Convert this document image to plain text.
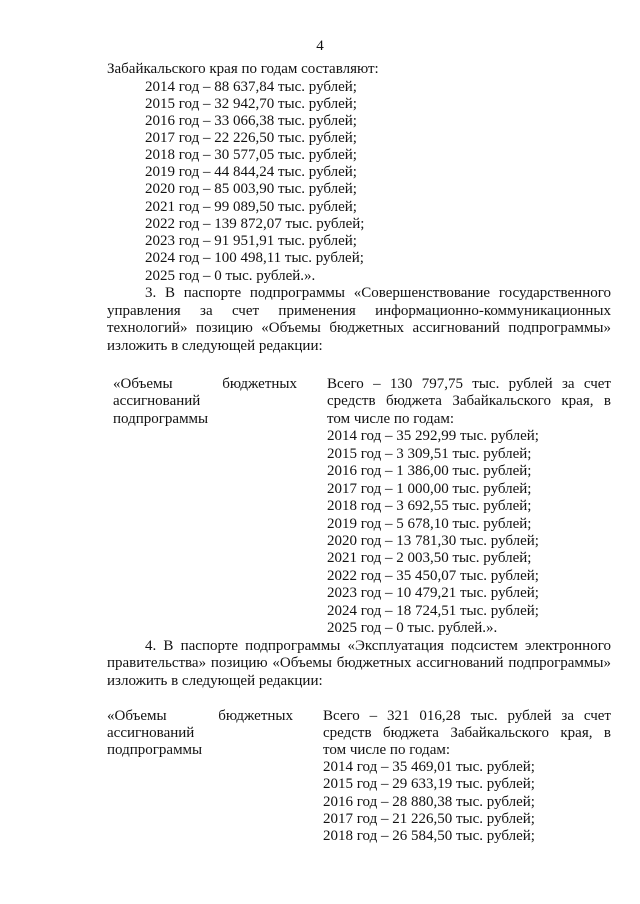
4
Забайкальского края по годам составляют:
2014 год – 88 637,84 тыс. рублей;
2015 год – 32 942,70 тыс. рублей;
2016 год – 33 066,38 тыс. рублей;
2017 год – 22 226,50 тыс. рублей;
2018 год – 30 577,05 тыс. рублей;
2019 год – 44 844,24 тыс. рублей;
2020 год – 85 003,90 тыс. рублей;
2021 год – 99 089,50 тыс. рублей;
2022 год – 139 872,07 тыс. рублей;
2023 год – 91 951,91 тыс. рублей;
2024 год – 100 498,11 тыс. рублей;
2025 год – 0 тыс. рублей.».
3. В паспорте подпрограммы «Совершенствование государственного
управления за счет применения информационно-коммуникационных
технологий» позицию «Объемы бюджетных ассигнований подпрограммы»
изложить в следующей редакции:
«Объемы бюджетных
ассигнований
подпрограммы
Всего – 130 797,75 тыс. рублей за счет
средств бюджета Забайкальского края, в
том числе по годам:
2014 год – 35 292,99 тыс. рублей;
2015 год – 3 309,51 тыс. рублей;
2016 год – 1 386,00 тыс. рублей;
2017 год – 1 000,00 тыс. рублей;
2018 год – 3 692,55 тыс. рублей;
2019 год – 5 678,10 тыс. рублей;
2020 год – 13 781,30 тыс. рублей;
2021 год – 2 003,50 тыс. рублей;
2022 год – 35 450,07 тыс. рублей;
2023 год – 10 479,21 тыс. рублей;
2024 год – 18 724,51 тыс. рублей;
2025 год – 0 тыс. рублей.».
4. В паспорте подпрограммы «Эксплуатация подсистем электронного
правительства» позицию «Объемы бюджетных ассигнований подпрограммы»
изложить в следующей редакции:
«Объемы бюджетных
ассигнований
подпрограммы
Всего – 321 016,28 тыс. рублей за счет
средств бюджета Забайкальского края, в
том числе по годам:
2014 год – 35 469,01 тыс. рублей;
2015 год – 29 633,19 тыс. рублей;
2016 год – 28 880,38 тыс. рублей;
2017 год – 21 226,50 тыс. рублей;
2018 год – 26 584,50 тыс. рублей;
